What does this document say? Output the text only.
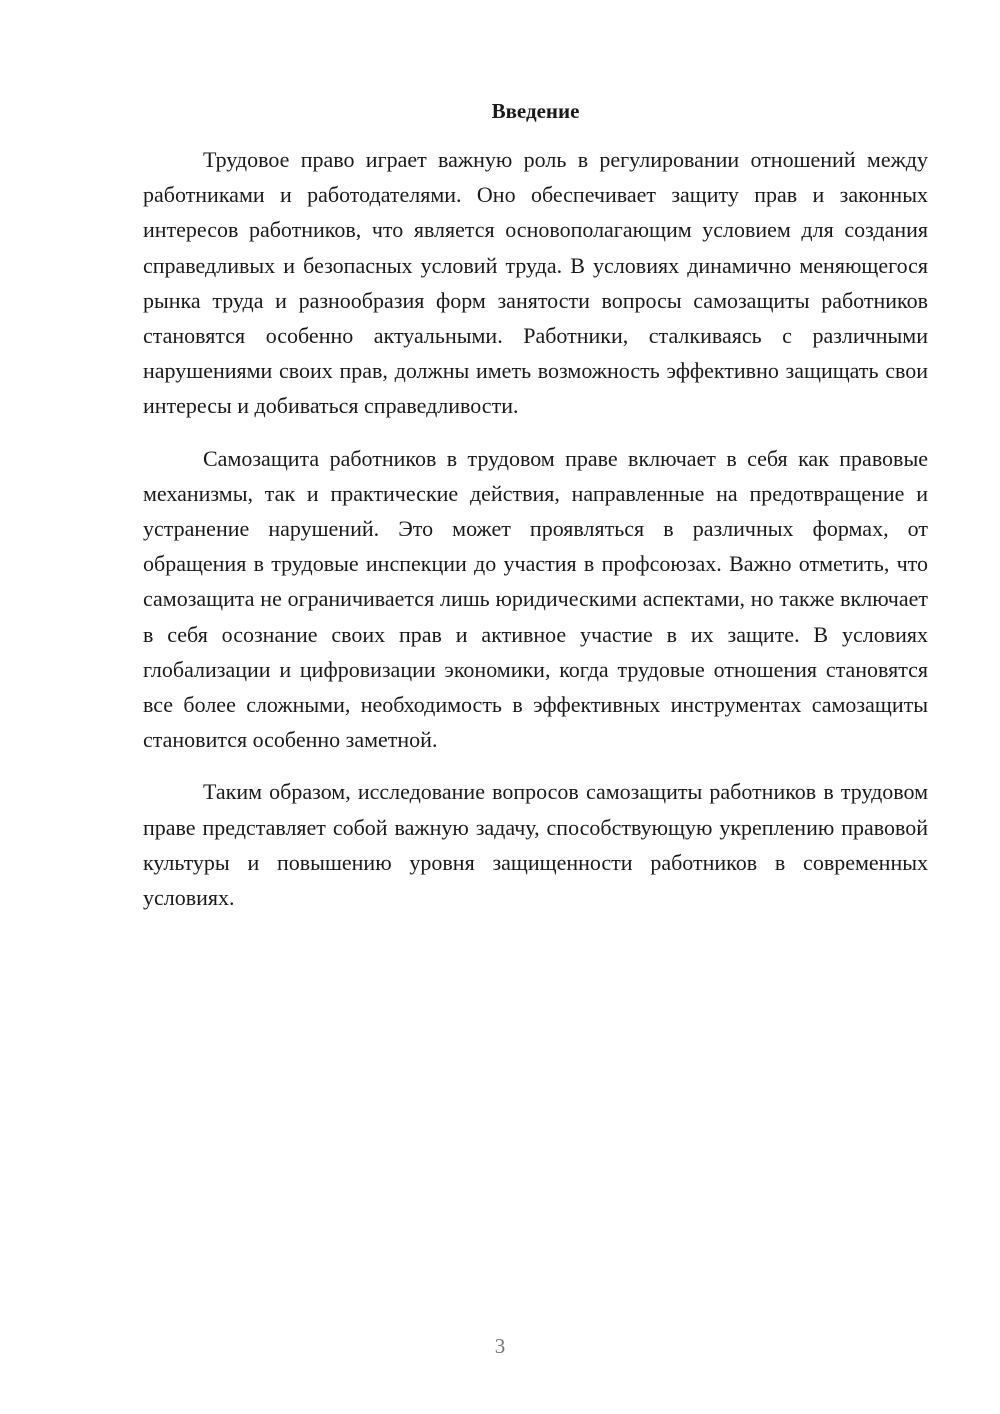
Введение

Трудовое право играет важную роль в регулировании отношений между работниками и работодателями. Оно обеспечивает защиту прав и законных интересов работников, что является основополагающим условием для создания справедливых и безопасных условий труда. В условиях динамично меняющегося рынка труда и разнообразия форм занятости вопросы самозащиты работников становятся особенно актуальными. Работники, сталкиваясь с различными нарушениями своих прав, должны иметь возможность эффективно защищать свои интересы и добиваться справедливости.

Самозащита работников в трудовом праве включает в себя как правовые механизмы, так и практические действия, направленные на предотвращение и устранение нарушений. Это может проявляться в различных формах, от обращения в трудовые инспекции до участия в профсоюзах. Важно отметить, что самозащита не ограничивается лишь юридическими аспектами, но также включает в себя осознание своих прав и активное участие в их защите. В условиях глобализации и цифровизации экономики, когда трудовые отношения становятся все более сложными, необходимость в эффективных инструментах самозащиты становится особенно заметной.

Таким образом, исследование вопросов самозащиты работников в трудовом праве представляет собой важную задачу, способствующую укреплению правовой культуры и повышению уровня защищенности работников в современных условиях.

3
